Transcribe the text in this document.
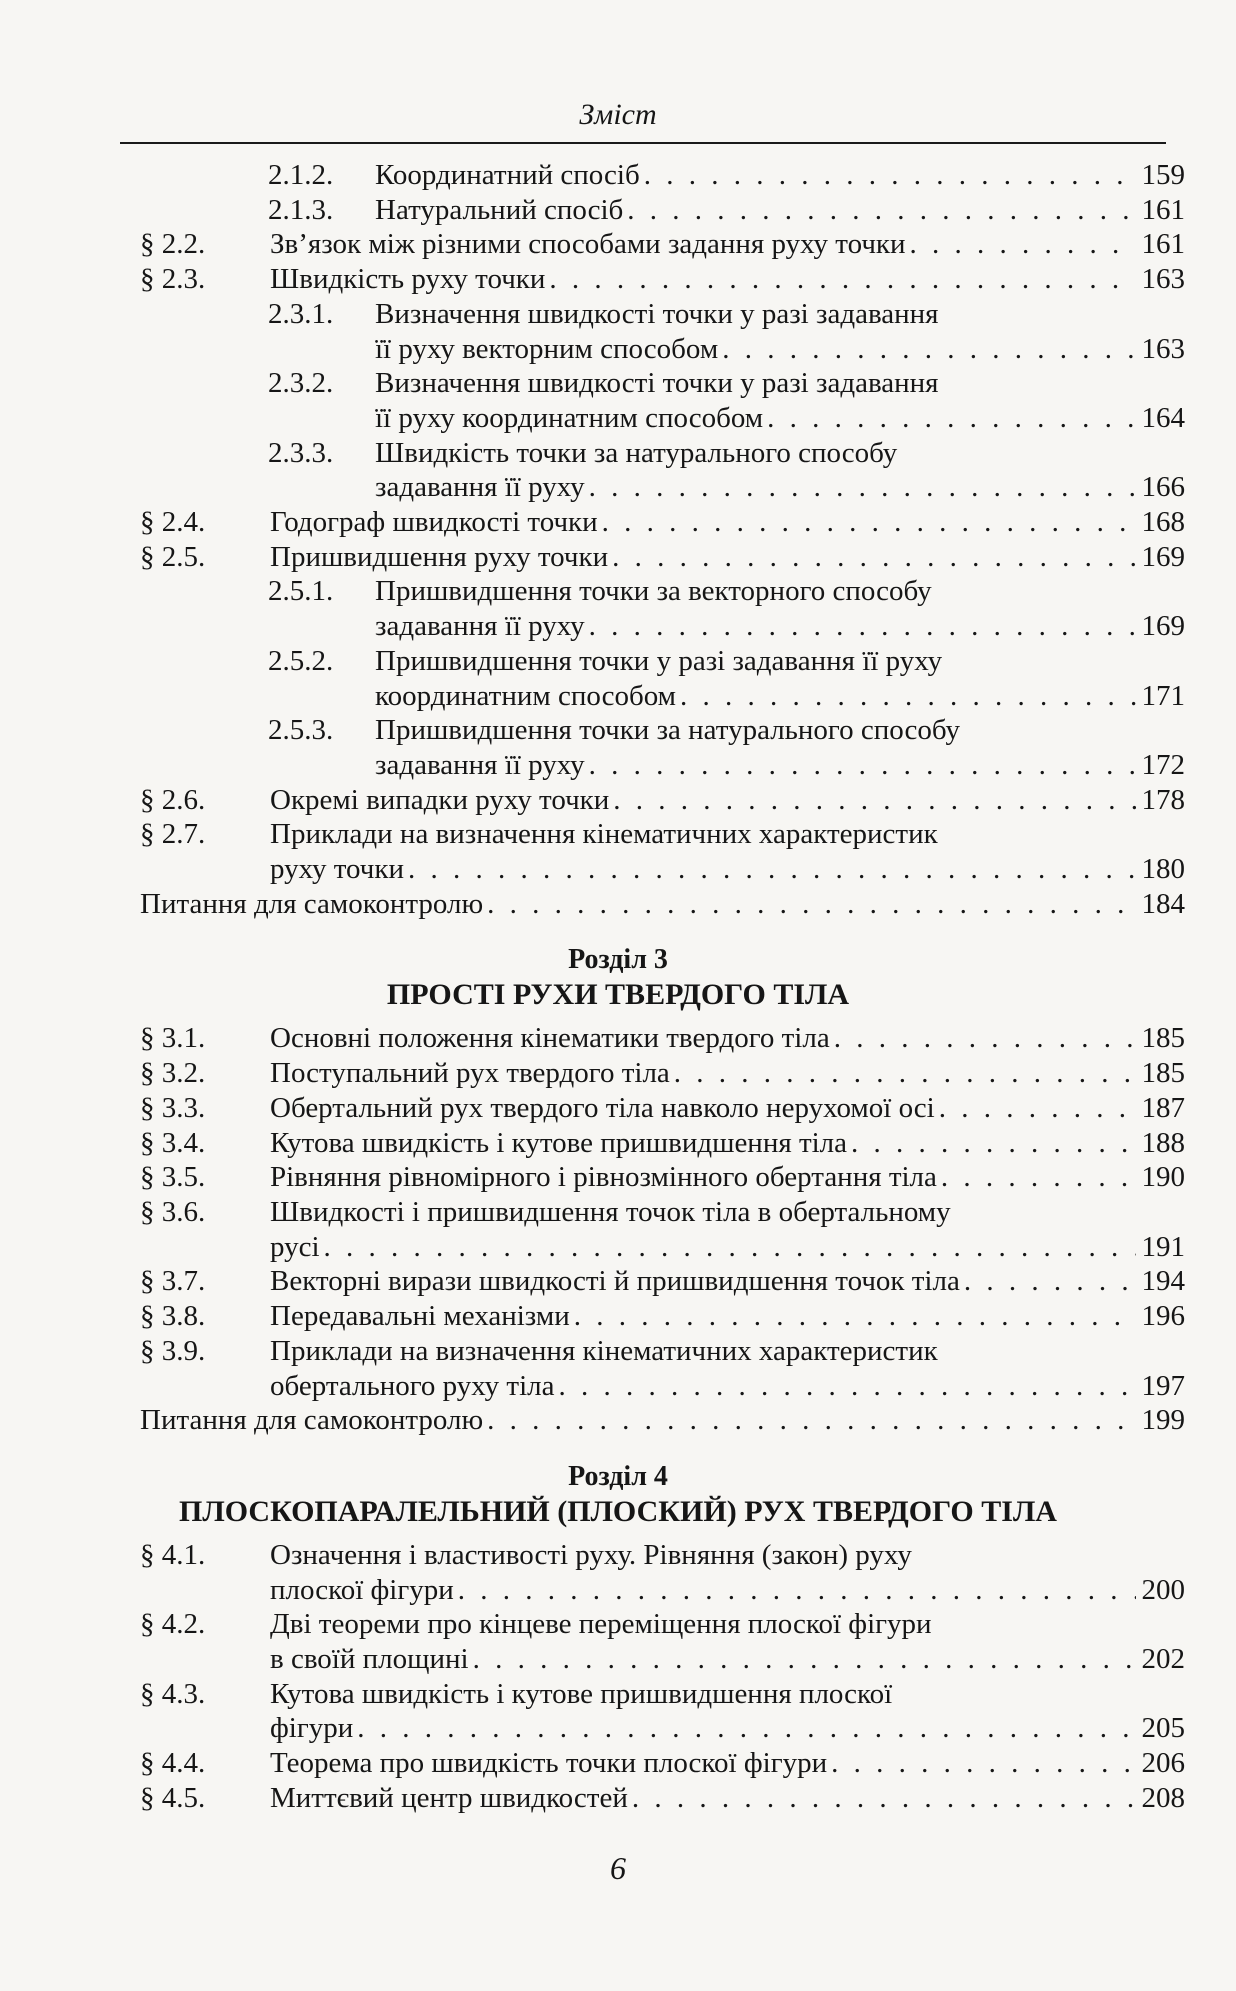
Зміст
2.1.2. Координатний спосіб . . .	159
2.1.3. Натуральний спосіб . . .	161
§ 2.2. Зв’язок між різними способами задання руху точки . . .	161
§ 2.3. Швидкість руху точки . . .	163
2.3.1. Визначення швидкості точки у разі задавання
її руху векторним способом . . .	163
2.3.2. Визначення швидкості точки у разі задавання
її руху координатним способом . . .	164
2.3.3. Швидкість точки за натурального способу
задавання її руху . . .	166
§ 2.4. Годограф швидкості точки . . .	168
§ 2.5. Пришвидшення руху точки . . .	169
2.5.1. Пришвидшення точки за векторного способу
задавання її руху . . .	169
2.5.2. Пришвидшення точки у разі задавання її руху
координатним способом . . .	171
2.5.3. Пришвидшення точки за натурального способу
задавання її руху . . .	172
§ 2.6. Окремі випадки руху точки . . .	178
§ 2.7. Приклади на визначення кінематичних характеристик
руху точки . . .	180
Питання для самоконтролю . . .	184
Розділ 3
ПРОСТІ РУХИ ТВЕРДОГО ТІЛА
§ 3.1. Основні положення кінематики твердого тіла . . .	185
§ 3.2. Поступальний рух твердого тіла . . .	185
§ 3.3. Обертальний рух твердого тіла навколо нерухомої осі . . .	187
§ 3.4. Кутова швидкість і кутове пришвидшення тіла . . .	188
§ 3.5. Рівняння рівномірного і рівнозмінного обертання тіла . . .	190
§ 3.6. Швидкості і пришвидшення точок тіла в обертальному
русі . . .	191
§ 3.7. Векторні вирази швидкості й пришвидшення точок тіла . . .	194
§ 3.8. Передавальні механізми . . .	196
§ 3.9. Приклади на визначення кінематичних характеристик
обертального руху тіла . . .	197
Питання для самоконтролю . . .	199
Розділ 4
ПЛОСКОПАРАЛЕЛЬНИЙ (ПЛОСКИЙ) РУХ ТВЕРДОГО ТІЛА
§ 4.1. Означення і властивості руху. Рівняння (закон) руху
плоскої фігури . . .	200
§ 4.2. Дві теореми про кінцеве переміщення плоскої фігури
в своїй площині . . .	202
§ 4.3. Кутова швидкість і кутове пришвидшення плоскої
фігури . . .	205
§ 4.4. Теорема про швидкість точки плоскої фігури . . .	206
§ 4.5. Миттєвий центр швидкостей . . .	208
6
